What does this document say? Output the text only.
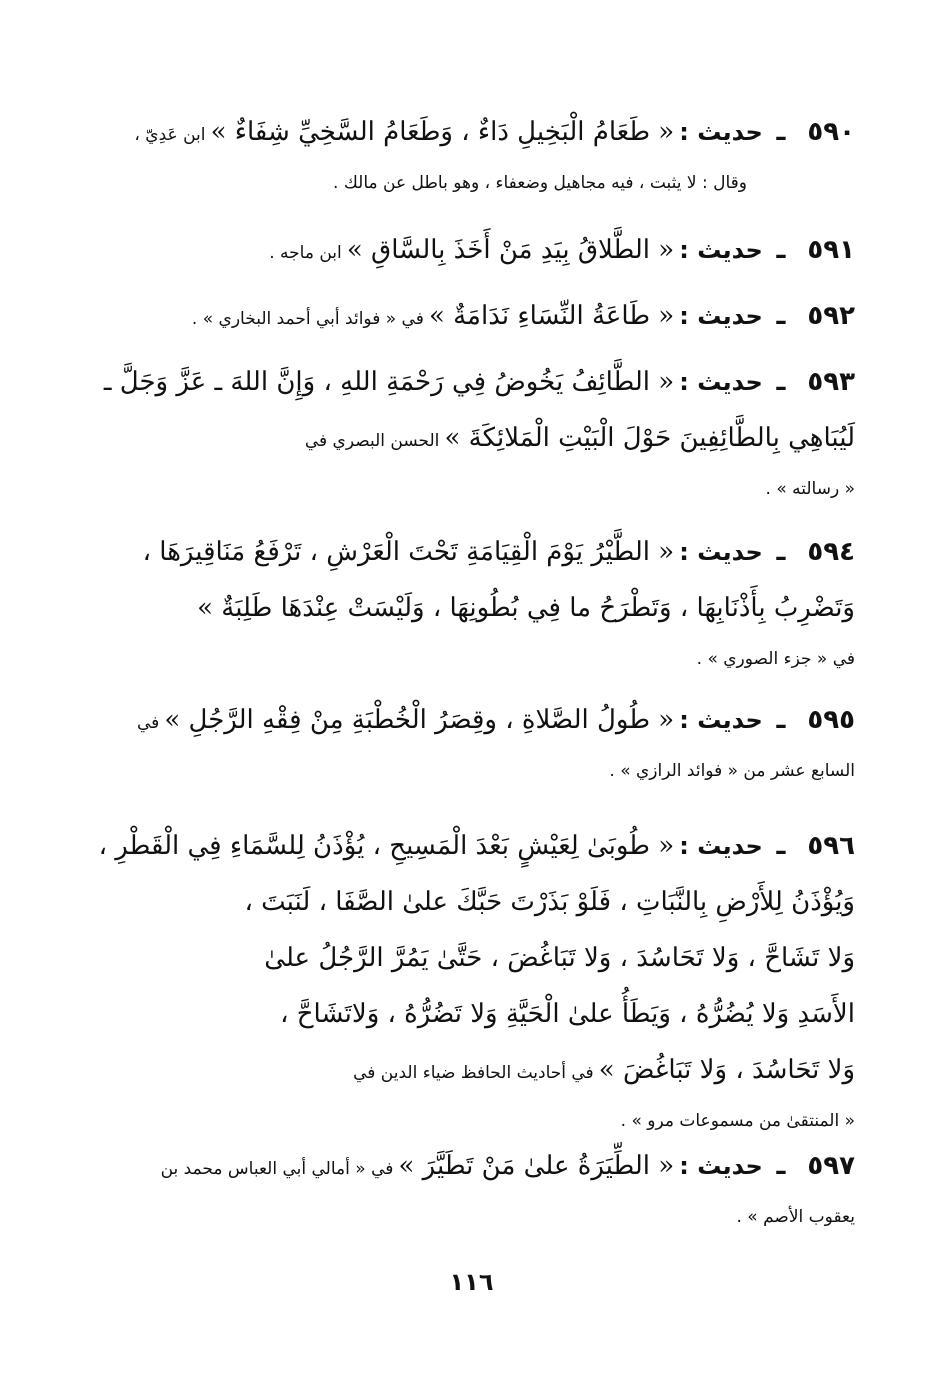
٥٩٠ ـ حديث : « طَعَامُ الْبَخِيلِ دَاءٌ ، وَطَعَامُ السَّخِيِّ شِفَاءٌ » ابن عَدِيّ ،
وقال : لا يثبت ، فيه مجاهيل وضعفاء ، وهو باطل عن مالك .
٥٩١ ـ حديث : « الطَّلاقُ بِيَدِ مَنْ أَخَذَ بِالسَّاقِ » ابن ماجه .
٥٩٢ ـ حديث : « طَاعَةُ النِّسَاءِ نَدَامَةٌ » في « فوائد أبي أحمد البخاري » .
٥٩٣ ـ حديث : « الطَّائِفُ يَخُوضُ فِي رَحْمَةِ اللهِ ، وَإِنَّ اللهَ ـ عَزَّ وَجَلَّ ـ
لَيُبَاهِي بِالطَّائِفِينَ حَوْلَ الْبَيْتِ الْمَلائِكَةَ » الحسن البصري في
« رسالته » .
٥٩٤ ـ حديث : « الطَّيْرُ يَوْمَ الْقِيَامَةِ تَحْتَ الْعَرْشِ ، تَرْفَعُ مَنَاقِيرَهَا ،
وَتَضْرِبُ بِأَذْنَابِهَا ، وَتَطْرَحُ ما فِي بُطُونِهَا ، وَلَيْسَتْ عِنْدَهَا طَلِبَةٌ »
في « جزء الصوري » .
٥٩٥ ـ حديث : « طُولُ الصَّلاةِ ، وقِصَرُ الْخُطْبَةِ مِنْ فِقْهِ الرَّجُلِ » في
السابع عشر من « فوائد الرازي » .
٥٩٦ ـ حديث : « طُوبَىٰ لِعَيْشٍ بَعْدَ الْمَسِيحِ ، يُؤْذَنُ لِلسَّمَاءِ فِي الْقَطْرِ ،
وَيُؤْذَنُ لِلأَرْضِ بِالنَّبَاتِ ، فَلَوْ بَذَرْتَ حَبَّكَ علىٰ الصَّفَا ، لَنَبَتَ ،
وَلا تَشَاحَّ ، وَلا تَحَاسُدَ ، وَلا تَبَاغُضَ ، حَتَّىٰ يَمُرَّ الرَّجُلُ علىٰ
الأَسَدِ وَلا يُضُرُّهُ ، وَيَطَأُ علىٰ الْحَيَّةِ وَلا تَضُرُّهُ ، وَلاتَشَاحَّ ،
وَلا تَحَاسُدَ ، وَلا تَبَاغُضَ » في أحاديث الحافظ ضياء الدين في
« المنتقىٰ من مسموعات مرو » .
٥٩٧ ـ حديث : « الطِّيَرَةُ علىٰ مَنْ تَطَيَّرَ » في « أمالي أبي العباس محمد بن
يعقوب الأصم » .
١١٦
